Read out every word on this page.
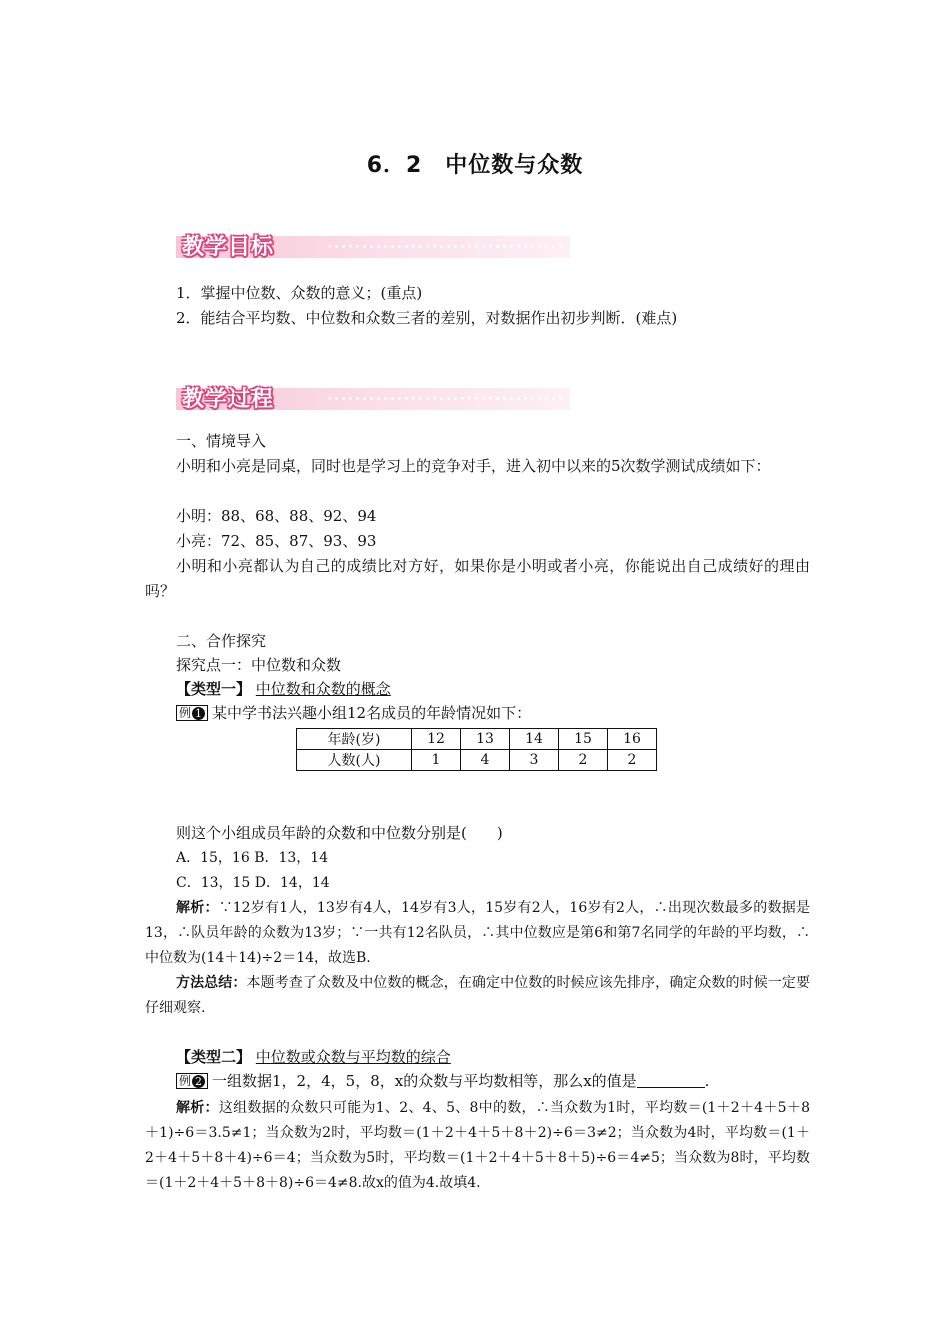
6．2　中位数与众数
教学目标
1．掌握中位数、众数的意义；(重点)
2．能结合平均数、中位数和众数三者的差别，对数据作出初步判断．(难点)
教学过程
一、情境导入
小明和小亮是同桌，同时也是学习上的竞争对手，进入初中以来的5次数学测试成绩如下：
小明：88、68、88、92、94
小亮：72、85、87、93、93
小明和小亮都认为自己的成绩比对方好，如果你是小明或者小亮，你能说出自己成绩好的理由吗？
二、合作探究
探究点一：中位数和众数
【类型一】 中位数和众数的概念
例 1 某中学书法兴趣小组12名成员的年龄情况如下：
年龄(岁)	12	13	14	15	16
人数(人)	1	4	3	2	2
则这个小组成员年龄的众数和中位数分别是(　　)
A．15，16 B．13，14
C．13，15 D．14，14
解析：∵12岁有1人，13岁有4人，14岁有3人，15岁有2人，16岁有2人，∴出现次数最多的数据是13，∴队员年龄的众数为13岁；∵一共有12名队员，∴其中位数应是第6和第7名同学的年龄的平均数，∴中位数为(14＋14)÷2＝14，故选B.
方法总结：本题考查了众数及中位数的概念，在确定中位数的时候应该先排序，确定众数的时候一定要仔细观察.
【类型二】 中位数或众数与平均数的综合
例 2 一组数据1，2，4，5，8，x的众数与平均数相等，那么x的值是	.
解析：这组数据的众数只可能为1、2、4、5、8中的数，∴当众数为1时，平均数＝(1＋2＋4＋5＋8＋1)÷6＝3.5≠1；当众数为2时，平均数＝(1＋2＋4＋5＋8＋2)÷6＝3≠2；当众数为4时，平均数＝(1＋2＋4＋5＋8＋4)÷6＝4；当众数为5时，平均数＝(1＋2＋4＋5＋8＋5)÷6＝4≠5；当众数为8时，平均数＝(1＋2＋4＋5＋8＋8)÷6＝4≠8.故x的值为4.故填4.
